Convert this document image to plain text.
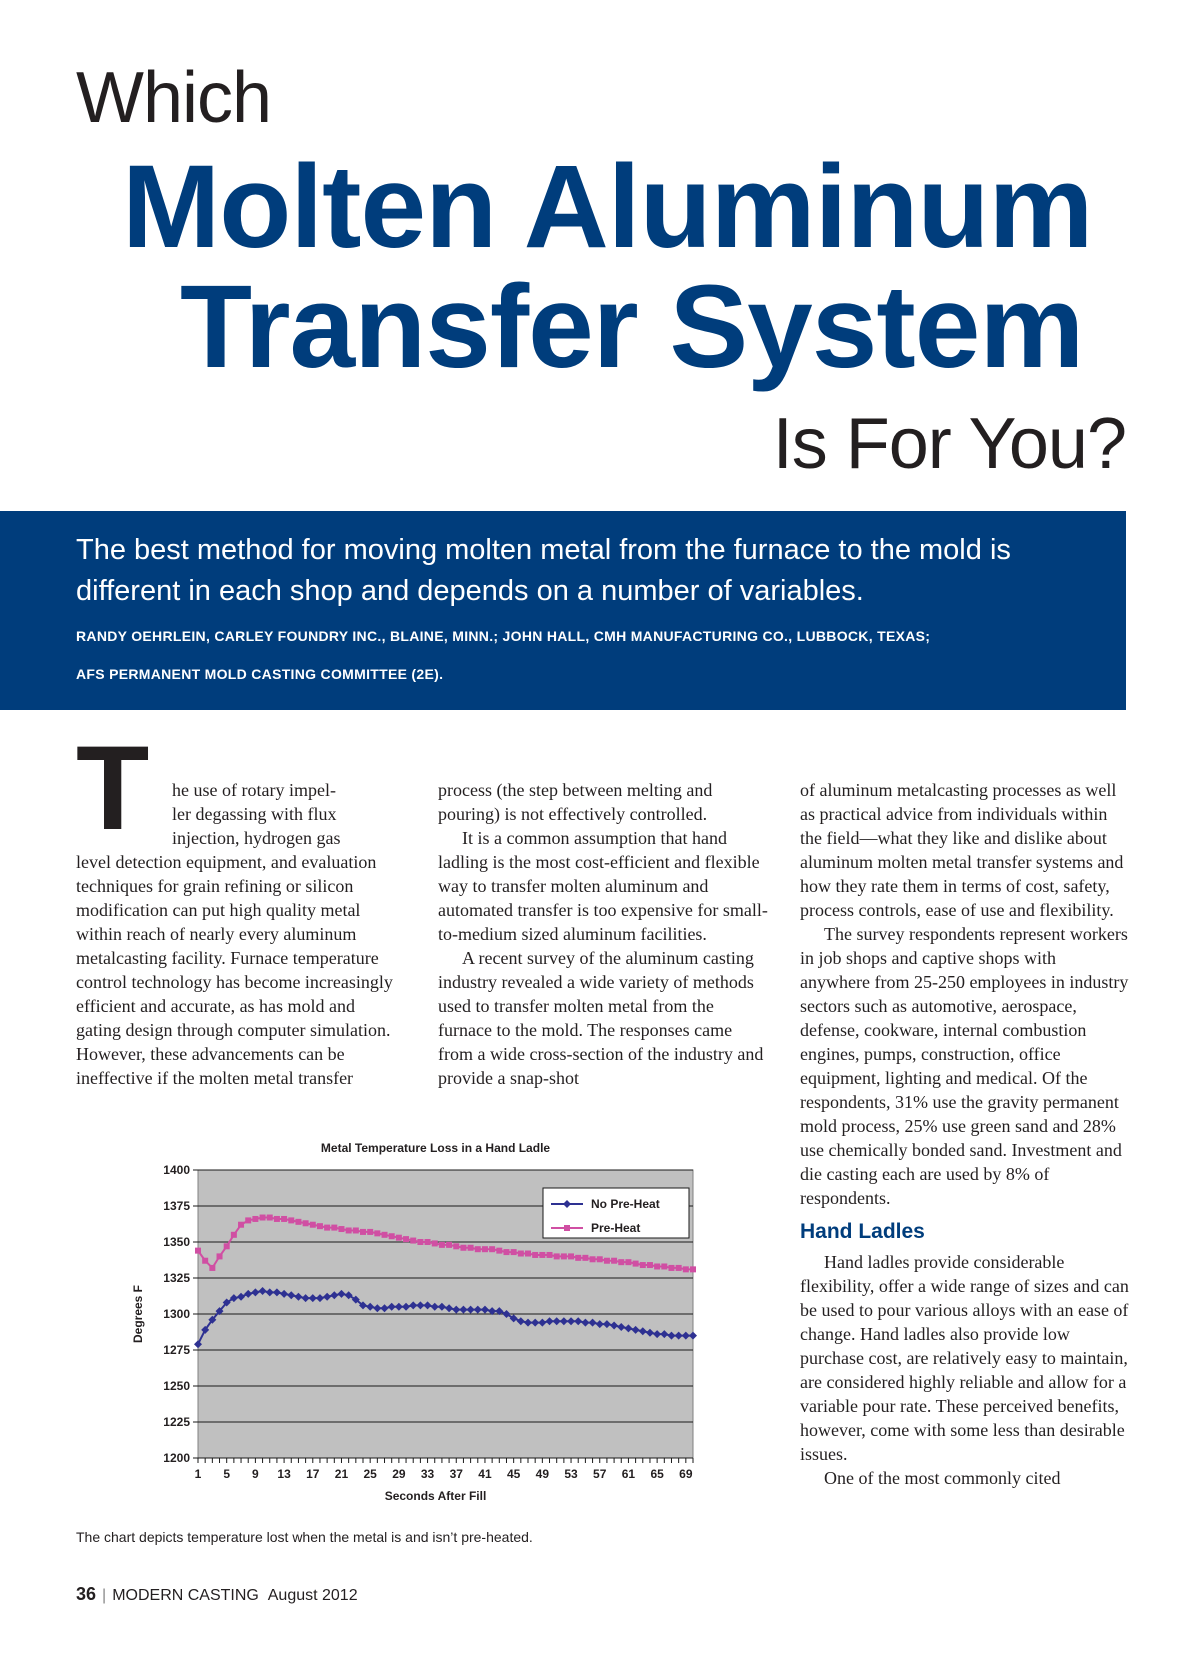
Which
Molten Aluminum
Transfer System
Is For You?
The best method for moving molten metal from the furnace to the mold is different in each shop and depends on a number of variables.
RANDY OEHRLEIN, CARLEY FOUNDRY INC., BLAINE, MINN.; JOHN HALL, CMH MANUFACTURING CO., LUBBOCK, TEXAS;
AFS PERMANENT MOLD CASTING COMMITTEE (2E).
T he use of rotary impel-
ler degassing with flux
injection, hydrogen gas

level detection equipment, and evaluation techniques for grain refining or silicon modification can put high quality metal within reach of nearly every aluminum metalcasting facility. Furnace temperature control technology has become increasingly efficient and accurate, as has mold and gating design through computer simulation. However, these advancements can be ineffective if the molten metal transfer

process (the step between melting and pouring) is not effectively controlled.

It is a common assumption that hand ladling is the most cost-efficient and flexible way to transfer molten aluminum and automated transfer is too expensive for small-to-medium sized aluminum facilities.

A recent survey of the aluminum casting industry revealed a wide variety of methods used to transfer molten metal from the furnace to the mold. The responses came from a wide cross-section of the industry and provide a snap-shot

of aluminum metalcasting processes as well as practical advice from individuals within the field—what they like and dislike about aluminum molten metal transfer systems and how they rate them in terms of cost, safety, process controls, ease of use and flexibility.

The survey respondents represent workers in job shops and captive shops with anywhere from 25-250 employees in industry sectors such as automotive, aerospace, defense, cookware, internal combustion engines, pumps, construction, office equipment, lighting and medical. Of the respondents, 31% use the gravity permanent mold process, 25% use green sand and 28% use chemically bonded sand. Investment and die casting each are used by 8% of respondents.

Hand Ladles

Hand ladles provide considerable flexibility, offer a wide range of sizes and can be used to pour various alloys with an ease of change. Hand ladles also provide low purchase cost, are relatively easy to maintain, are considered highly reliable and allow for a variable pour rate. These perceived benefits, however, come with some less than desirable issues.

One of the most commonly cited

Metal Temperature Loss in a Hand Ladle
1200
1225
1250
1275
1300
1325
1350
1375
1400
1 5 9 13 17 21 25 29 33 37 41 45 49 53 57 61 65 69
Seconds After Fill
Degrees F
No Pre-Heat
Pre-Heat
The chart depicts temperature lost when the metal is and isn’t pre-heated.
36 | MODERN CASTING August 2012
